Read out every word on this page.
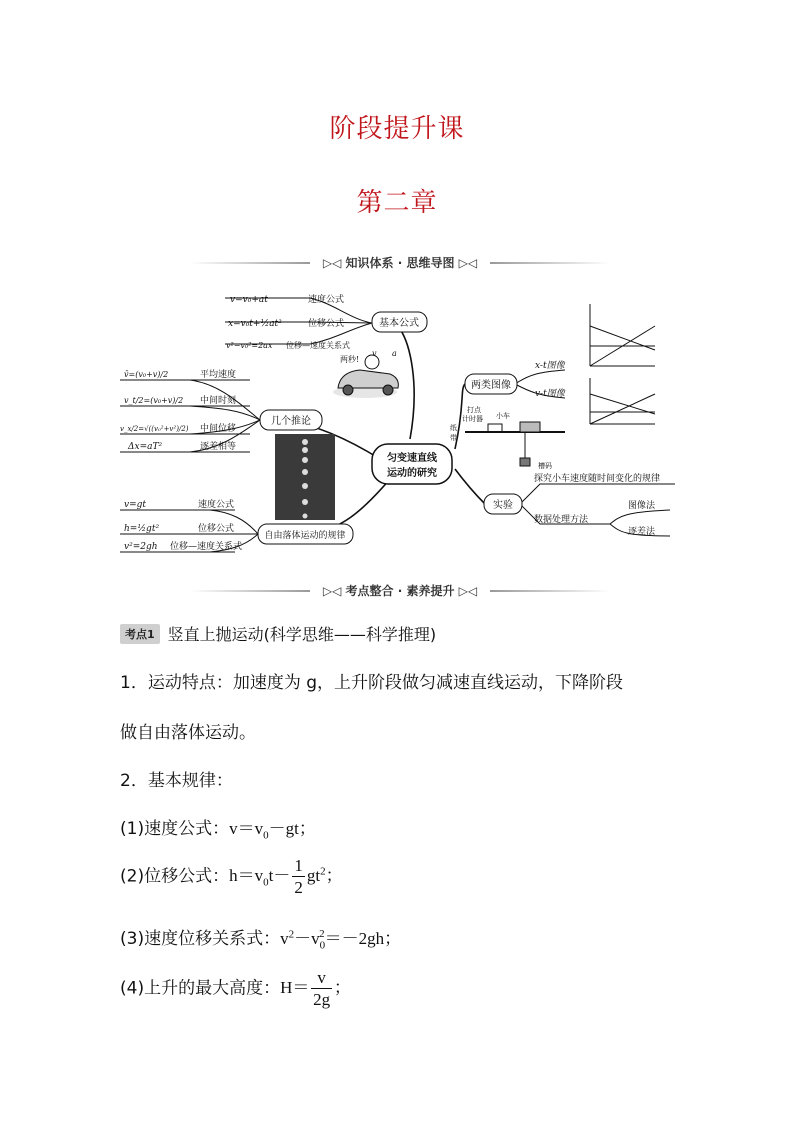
阶段提升课
第二章
▷◁ 知识体系 · 思维导图 ▷◁
v=v₀+at	速度公式
x=v₀t+½at²	位移公式
v²−v₀²=2ax 位移—速度关系式
基本公式
v̄=(v₀+v)/2	平均速度
v_t/2=(v₀+v)/2 中间时刻
v_x/2=√((v₀²+v²)/2) 中间位移
Δx=aT²	逐差相等
几个推论
v=gt	速度公式
h=½gt²	位移公式
v²=2gh 位移—速度关系式
自由落体运动的规律
匀变速直线
运动的研究
两类图像
x-t图像
v-t图像
实验
探究小车速度随时间变化的规律
数据处理方法
图像法
逐差法
打点
计时器 小车
纸
带
槽码
两秒!
v a
▷◁ 考点整合 · 素养提升 ▷◁
考点1 竖直上抛运动(科学思维——科学推理)
1．运动特点：加速度为 g，上升阶段做匀减速直线运动，下降阶段
做自由落体运动。
2．基本规律：
(1)速度公式：$v=v_0-gt$；
(2)位移公式：$h=v_0t- \frac{1}{2} gt^2$；
(3)速度位移关系式：$v^2-v_0^2=-2gh$；
(4)上升的最大高度：$H= \frac{v}{2g}$ ；
